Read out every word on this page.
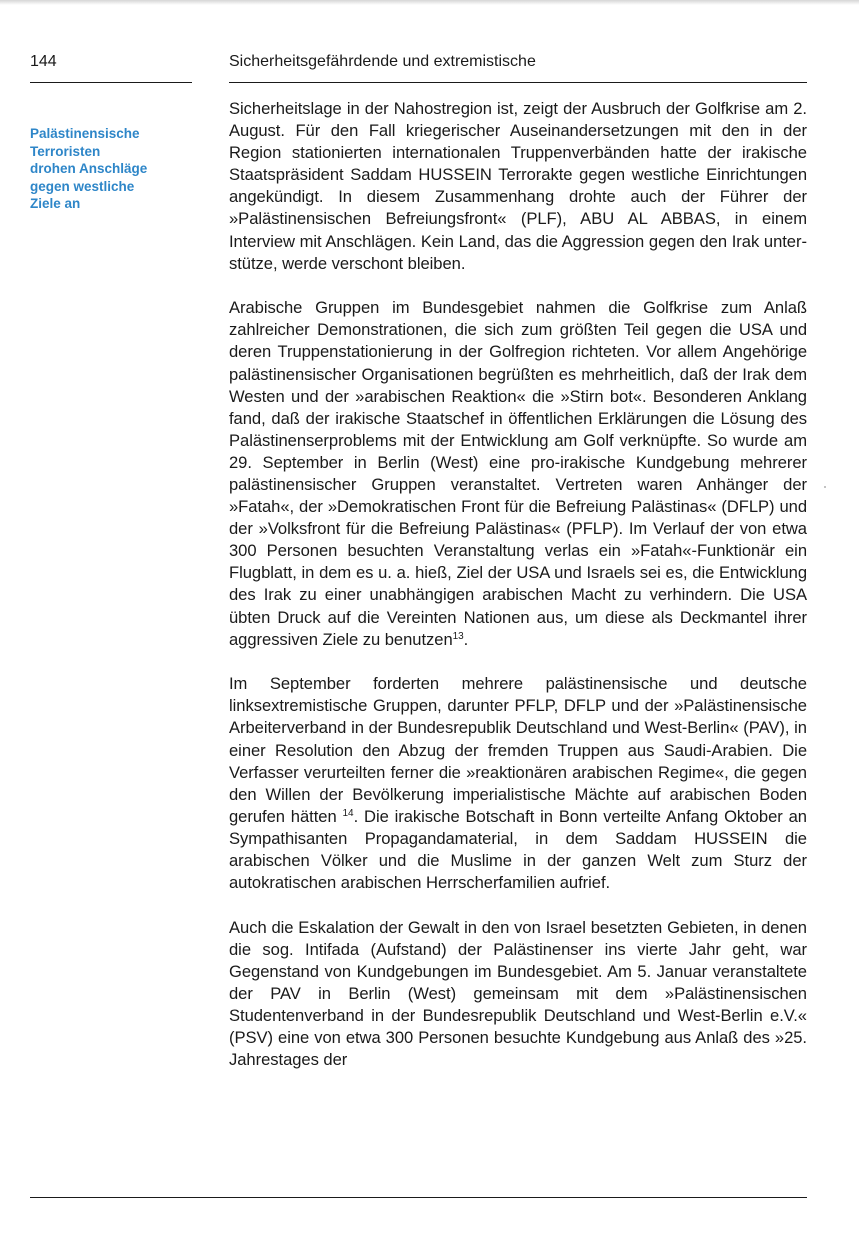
144	Sicherheitsgefährdende und extremistische
Palästinensische
Terroristen
drohen Anschläge
gegen westliche
Ziele an

Sicherheitslage in der Nahostregion ist, zeigt der Ausbruch der Golfkrise am 2. August. Für den Fall kriegerischer Auseinandersetzungen mit den in der Region stationierten internationalen Truppenverbänden hatte der irakische Staatspräsident Saddam HUSSEIN Terrorakte gegen westliche Einrichtungen angekündigt. In diesem Zusammenhang drohte auch der Führer der »Palästinensischen Befreiungsfront« (PLF), ABU AL ABBAS, in einem Interview mit Anschlägen. Kein Land, das die Aggression gegen den Irak unterstütze, werde verschont bleiben.

Arabische Gruppen im Bundesgebiet nahmen die Golfkrise zum Anlaß zahlreicher Demonstrationen, die sich zum größten Teil gegen die USA und deren Truppenstationierung in der Golfregion richteten. Vor allem Angehörige palästinensischer Organisationen begrüßten es mehrheitlich, daß der Irak dem Westen und der »arabischen Reaktion« die »Stirn bot«. Besonderen Anklang fand, daß der irakische Staatschef in öffentlichen Erklärungen die Lösung des Palästinenserproblems mit der Entwicklung am Golf verknüpfte. So wurde am 29. September in Berlin (West) eine pro-irakische Kundgebung mehrerer palästinensischer Gruppen veranstaltet. Vertreten waren Anhänger der »Fatah«, der »Demokratischen Front für die Befreiung Palästinas« (DFLP) und der »Volksfront für die Befreiung Palästinas« (PFLP). Im Verlauf der von etwa 300 Personen besuchten Veranstaltung verlas ein »Fatah«-Funktionär ein Flugblatt, in dem es u. a. hieß, Ziel der USA und Israels sei es, die Entwicklung des Irak zu einer unabhängigen arabischen Macht zu verhindern. Die USA übten Druck auf die Vereinten Nationen aus, um diese als Deckmantel ihrer aggressiven Ziele zu benutzen$^{13}$.

Im September forderten mehrere palästinensische und deutsche linksextremistische Gruppen, darunter PFLP, DFLP und der »Palästinensische Arbeiterverband in der Bundesrepublik Deutschland und West-Berlin« (PAV), in einer Resolution den Abzug der fremden Truppen aus Saudi-Arabien. Die Verfasser verurteilten ferner die »reaktionären arabischen Regime«, die gegen den Willen der Bevölkerung imperialistische Mächte auf arabischen Boden gerufen hätten $^{14}$. Die irakische Botschaft in Bonn verteilte Anfang Oktober an Sympathisanten Propagandamaterial, in dem Saddam HUSSEIN die arabischen Völker und die Muslime in der ganzen Welt zum Sturz der autokratischen arabischen Herrscherfamilien aufrief.

Auch die Eskalation der Gewalt in den von Israel besetzten Gebieten, in denen die sog. Intifada (Aufstand) der Palästinenser ins vierte Jahr geht, war Gegenstand von Kundgebungen im Bundesgebiet. Am 5. Januar veranstaltete der PAV in Berlin (West) gemeinsam mit dem »Palästinensischen Studentenverband in der Bundesrepublik Deutschland und West-Berlin e.V.« (PSV) eine von etwa 300 Personen besuchte Kundgebung aus Anlaß des »25. Jahrestages der
